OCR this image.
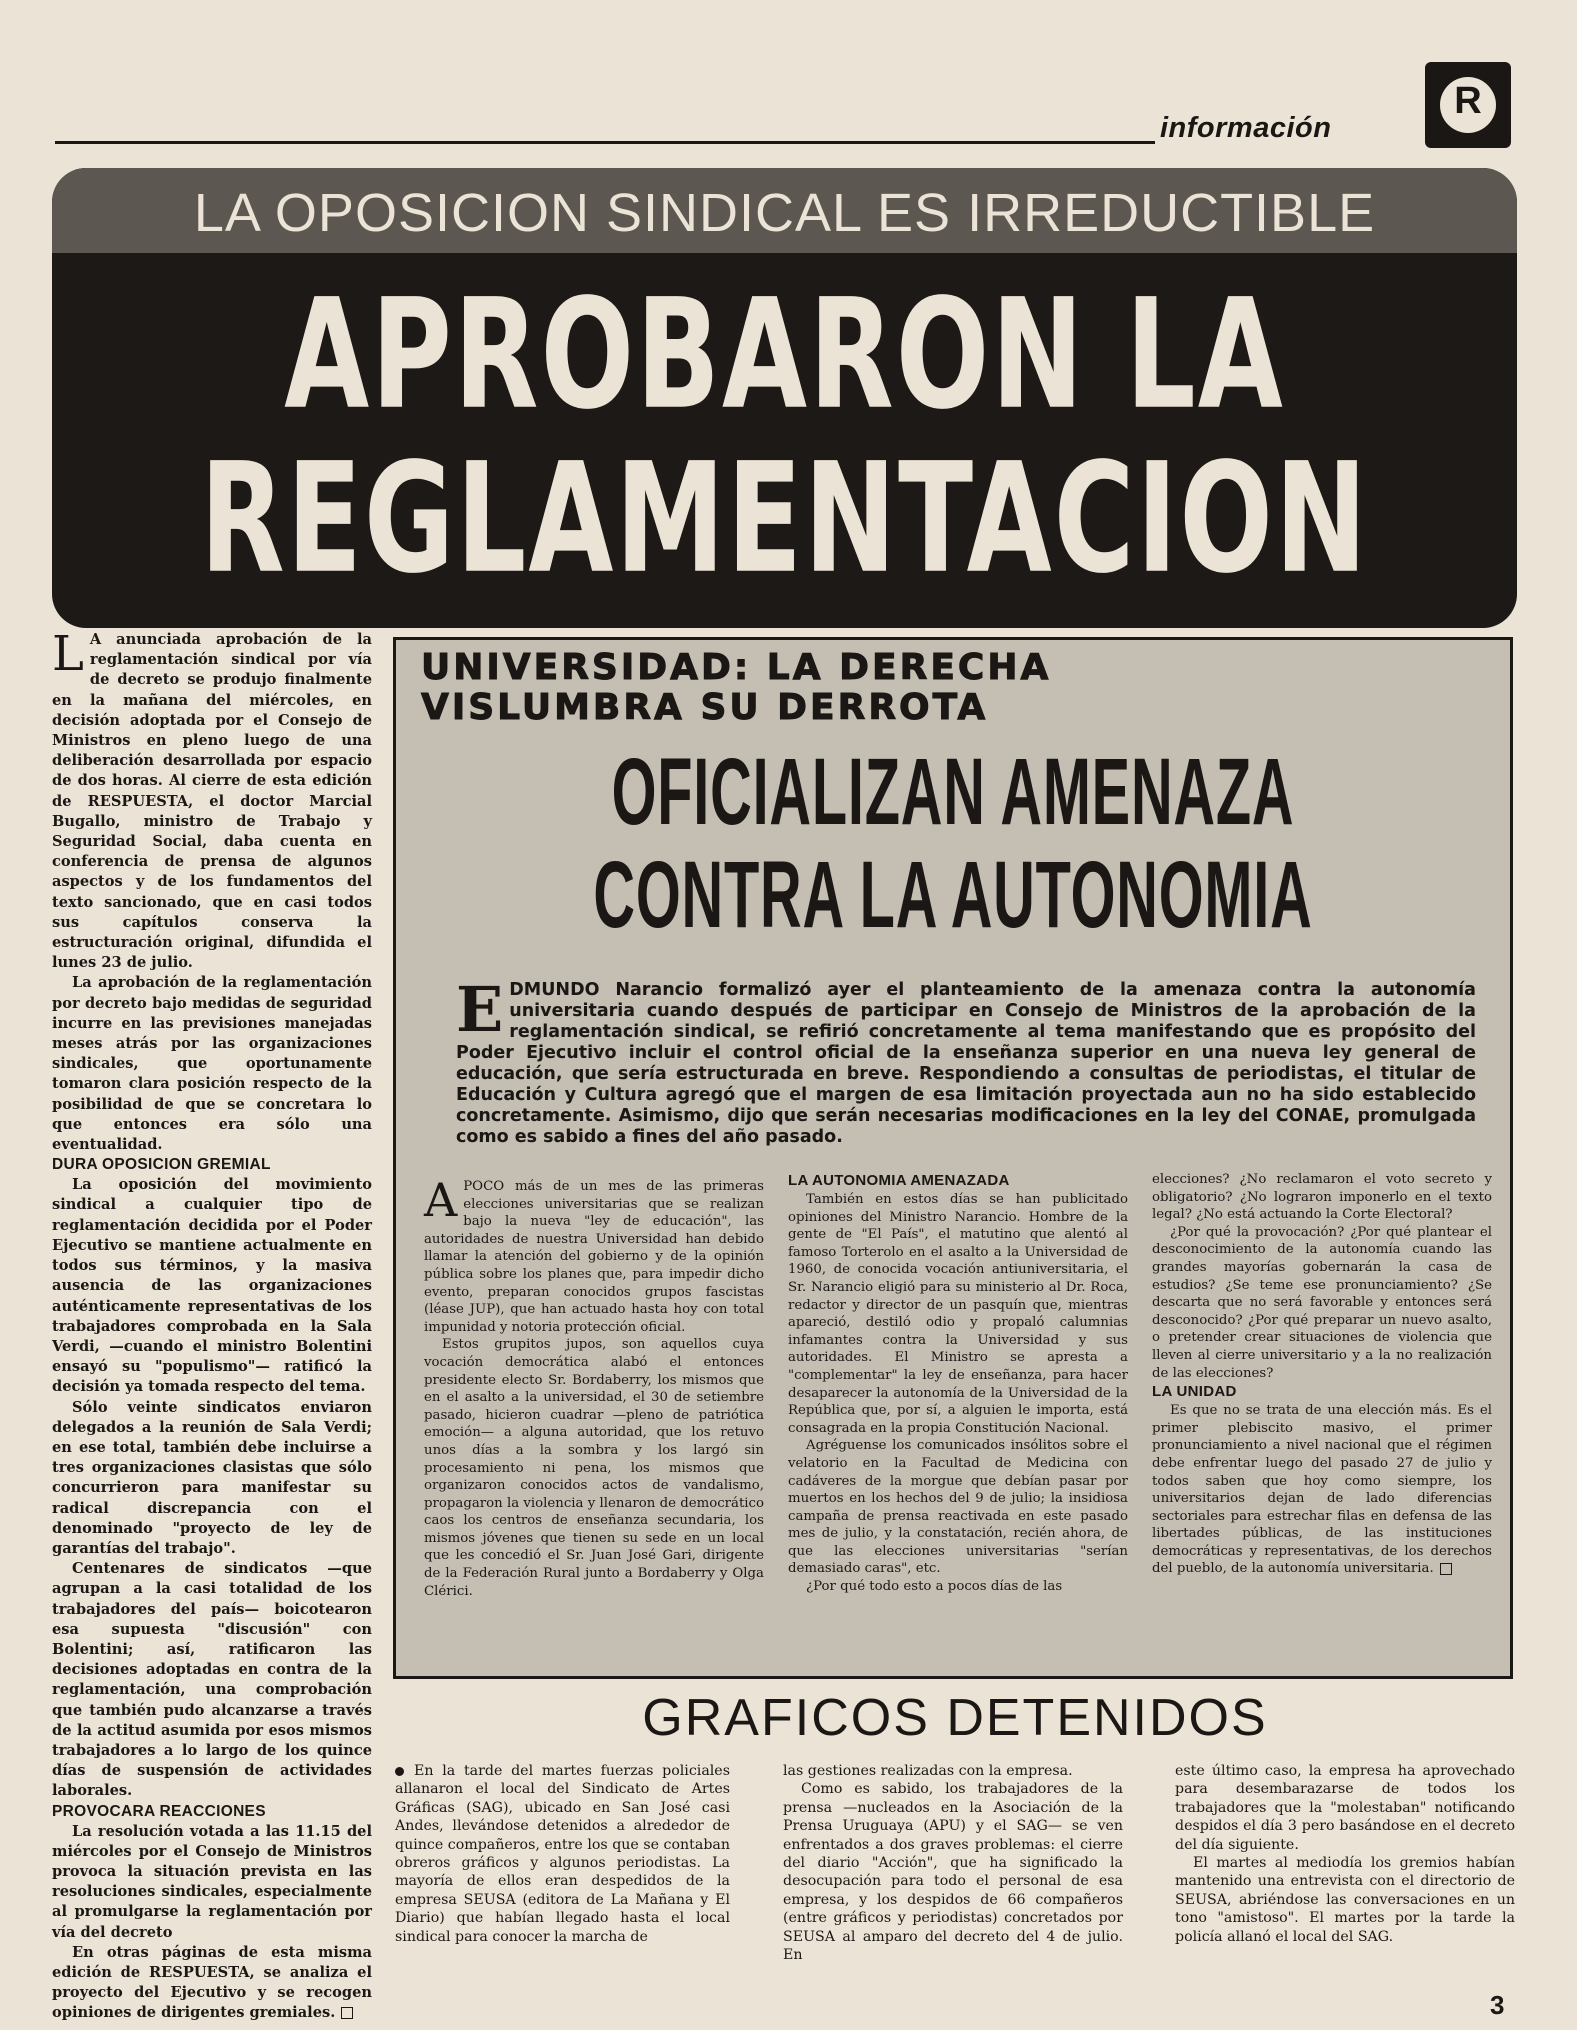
información
R
LA OPOSICION SINDICAL ES IRREDUCTIBLE
APROBARON LA
REGLAMENTACION

L A anunciada aprobación de la reglamentación sindical por vía de decreto se produjo finalmente en la mañana del miércoles, en decisión adoptada por el Consejo de Ministros en pleno luego de una deliberación desarrollada por espacio de dos horas. Al cierre de esta edición de RESPUESTA, el doctor Marcial Bugallo, ministro de Trabajo y Seguridad Social, daba cuenta en conferencia de prensa de algunos aspectos y de los fundamentos del texto sancionado, que en casi todos sus capítulos conserva la estructuración original, difundida el lunes 23 de julio.

La aprobación de la reglamentación por decreto bajo medidas de seguridad incurre en las previsiones manejadas meses atrás por las organizaciones sindicales, que oportunamente tomaron clara posición respecto de la posibilidad de que se concretara lo que entonces era sólo una eventualidad.

DURA OPOSICION GREMIAL

La oposición del movimiento sindical a cualquier tipo de reglamentación decidida por el Poder Ejecutivo se mantiene actualmente en todos sus términos, y la masiva ausencia de las organizaciones auténticamente representativas de los trabajadores comprobada en la Sala Verdi, —cuando el ministro Bolentini ensayó su "populismo"— ratificó la decisión ya tomada respecto del tema.

Sólo veinte sindicatos enviaron delegados a la reunión de Sala Verdi; en ese total, también debe incluirse a tres organizaciones clasistas que sólo concurrieron para manifestar su radical discrepancia con el denominado "proyecto de ley de garantías del trabajo".

Centenares de sindicatos —que agrupan a la casi totalidad de los trabajadores del país— boicotearon esa supuesta "discusión" con Bolentini; así, ratificaron las decisiones adoptadas en contra de la reglamentación, una comprobación que también pudo alcanzarse a través de la actitud asumida por esos mismos trabajadores a lo largo de los quince días de suspensión de actividades laborales.

PROVOCARA REACCIONES

La resolución votada a las 11.15 del miércoles por el Consejo de Ministros provoca la situación prevista en las resoluciones sindicales, especialmente al promulgarse la reglamentación por vía del decreto

En otras páginas de esta misma edición de RESPUESTA, se analiza el proyecto del Ejecutivo y se recogen opiniones de dirigentes gremiales.

UNIVERSIDAD: LA DERECHA
VISLUMBRA SU DERROTA
OFICIALIZAN AMENAZA
CONTRA LA AUTONOMIA
EDMUNDO Narancio formalizó ayer el planteamiento de la amenaza contra la autonomía universitaria cuando después de participar en Consejo de Ministros de la aprobación de la reglamentación sindical, se refirió concretamente al tema manifestando que es propósito del Poder Ejecutivo incluir el control oficial de la enseñanza superior en una nueva ley general de educación, que sería estructurada en breve. Respondiendo a consultas de periodistas, el titular de Educación y Cultura agregó que el margen de esa limitación proyectada aun no ha sido establecido concretamente. Asimismo, dijo que serán necesarias modificaciones en la ley del CONAE, promulgada como es sabido a fines del año pasado.

APOCO más de un mes de las primeras elecciones universitarias que se realizan bajo la nueva "ley de educación", las autoridades de nuestra Universidad han debido llamar la atención del gobierno y de la opinión pública sobre los planes que, para impedir dicho evento, preparan conocidos grupos fascistas (léase JUP), que han actuado hasta hoy con total impunidad y notoria protección oficial.

Estos grupitos jupos, son aquellos cuya vocación democrática alabó el entonces presidente electo Sr. Bordaberry, los mismos que en el asalto a la universidad, el 30 de setiembre pasado, hicieron cuadrar —pleno de patriótica emoción— a alguna autoridad, que los retuvo unos días a la sombra y los largó sin procesamiento ni pena, los mismos que organizaron conocidos actos de vandalismo, propagaron la violencia y llenaron de democrático caos los centros de enseñanza secundaria, los mismos jóvenes que tienen su sede en un local que les concedió el Sr. Juan José Gari, dirigente de la Federación Rural junto a Bordaberry y Olga Clérici.

LA AUTONOMIA AMENAZADA

También en estos días se han publicitado opiniones del Ministro Narancio. Hombre de la gente de "El País", el matutino que alentó al famoso Torterolo en el asalto a la Universidad de 1960, de conocida vocación antiuniversitaria, el Sr. Narancio eligió para su ministerio al Dr. Roca, redactor y director de un pasquín que, mientras apareció, destiló odio y propaló calumnias infamantes contra la Universidad y sus autoridades. El Ministro se apresta a "complementar" la ley de enseñanza, para hacer desaparecer la autonomía de la Universidad de la República que, por sí, a alguien le importa, está consagrada en la propia Constitución Nacional.

Agréguense los comunicados insólitos sobre el velatorio en la Facultad de Medicina con cadáveres de la morgue que debían pasar por muertos en los hechos del 9 de julio; la insidiosa campaña de prensa reactivada en este pasado mes de julio, y la constatación, recién ahora, de que las elecciones universitarias "serían demasiado caras", etc.

¿Por qué todo esto a pocos días de las

elecciones? ¿No reclamaron el voto secreto y obligatorio? ¿No lograron imponerlo en el texto legal? ¿No está actuando la Corte Electoral?

¿Por qué la provocación? ¿Por qué plantear el desconocimiento de la autonomía cuando las grandes mayorías gobernarán la casa de estudios? ¿Se teme ese pronunciamiento? ¿Se descarta que no será favorable y entonces será desconocido? ¿Por qué preparar un nuevo asalto, o pretender crear situaciones de violencia que lleven al cierre universitario y a la no realización de las elecciones?

LA UNIDAD

Es que no se trata de una elección más. Es el primer plebiscito masivo, el primer pronunciamiento a nivel nacional que el régimen debe enfrentar luego del pasado 27 de julio y todos saben que hoy como siempre, los universitarios dejan de lado diferencias sectoriales para estrechar filas en defensa de las libertades públicas, de las instituciones democráticas y representativas, de los derechos del pueblo, de la autonomía universitaria.

GRAFICOS DETENIDOS

En la tarde del martes fuerzas policiales allanaron el local del Sindicato de Artes Gráficas (SAG), ubicado en San José casi Andes, llevándose detenidos a alrededor de quince compañeros, entre los que se contaban obreros gráficos y algunos periodistas. La mayoría de ellos eran despedidos de la empresa SEUSA (editora de La Mañana y El Diario) que habían llegado hasta el local sindical para conocer la marcha de

las gestiones realizadas con la empresa.

Como es sabido, los trabajadores de la prensa —nucleados en la Asociación de la Prensa Uruguaya (APU) y el SAG— se ven enfrentados a dos graves problemas: el cierre del diario "Acción", que ha significado la desocupación para todo el personal de esa empresa, y los despidos de 66 compañeros (entre gráficos y periodistas) concretados por SEUSA al amparo del decreto del 4 de julio. En

este último caso, la empresa ha aprovechado para desembarazarse de todos los trabajadores que la "molestaban" notificando despidos el día 3 pero basándose en el decreto del día siguiente.

El martes al mediodía los gremios habían mantenido una entrevista con el directorio de SEUSA, abriéndose las conversaciones en un tono "amistoso". El martes por la tarde la policía allanó el local del SAG.

3
